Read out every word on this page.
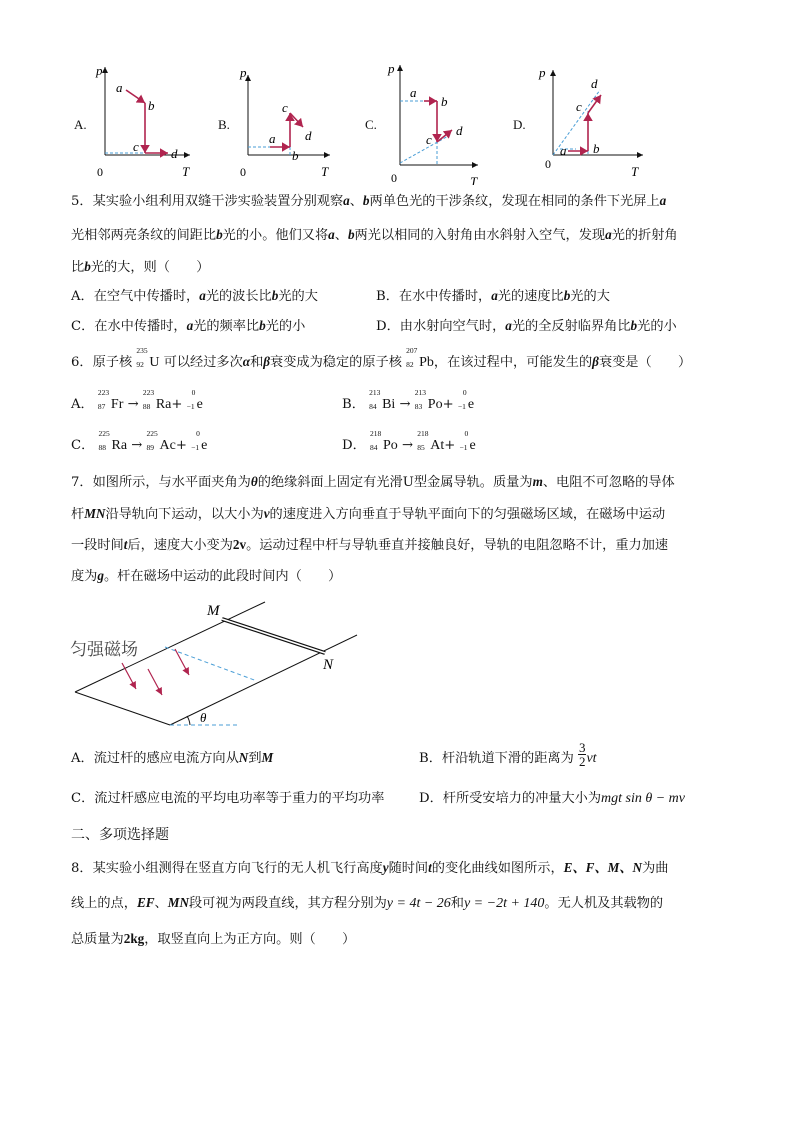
A.	B.	C.	D.
p
T
0
a
b
c d
p
T
0
a
b
c
d
p
T
0
a
b
c
d
p
T
0
a b
c
d
5．某实验小组利用双缝干涉实验装置分别观察a、b两单色光的干涉条纹，发现在相同的条件下光屏上a
光相邻两亮条纹的间距比b光的小。他们又将a、b两光以相同的入射角由水斜射入空气，发现a光的折射角
比b光的大，则（　　）
A．在空气中传播时，a光的波长比b光的大	B．在水中传播时，a光的速度比b光的大
C．在水中传播时，a光的频率比b光的小	D．由水射向空气时，a光的全反射临界角比b光的小
6．原子核
235
92 U 可以经过多次α和β衰变成为稳定的原子核
207
82 Pb，在该过程中，可能发生的β衰变是（　　）
A．
223
87 Fr →
223
88 Ra+
0
−1 e	B．
213
84 Bi →
213
83 Po+
0
−1 e
C．
225
88 Ra →
225
89 Ac+
0
−1 e	D．
218
84 Po →
218
85 At+
0
−1 e
7．如图所示，与水平面夹角为θ的绝缘斜面上固定有光滑U型金属导轨。质量为m、电阻不可忽略的导体
杆MN沿导轨向下运动，以大小为v的速度进入方向垂直于导轨平面向下的匀强磁场区域，在磁场中运动
一段时间t后，速度大小变为2v。运动过程中杆与导轨垂直并接触良好，导轨的电阻忽略不计，重力加速
度为g。杆在磁场中运动的此段时间内（　　）
匀强磁场
M
N
θ
A．流过杆的感应电流方向从N到M	B．杆沿轨道下滑的距离为 $\frac{3}{2}$ vt
C．流过杆感应电流的平均电功率等于重力的平均功率	D．杆所受安培力的冲量大小为mgt sin θ − mv
二、多项选择题
8．某实验小组测得在竖直方向飞行的无人机飞行高度y随时间t的变化曲线如图所示，E、F、M、N为曲
线上的点，EF、MN段可视为两段直线，其方程分别为y = 4t − 26和y = −2t + 140。无人机及其载物的
总质量为2kg，取竖直向上为正方向。则（　　）
